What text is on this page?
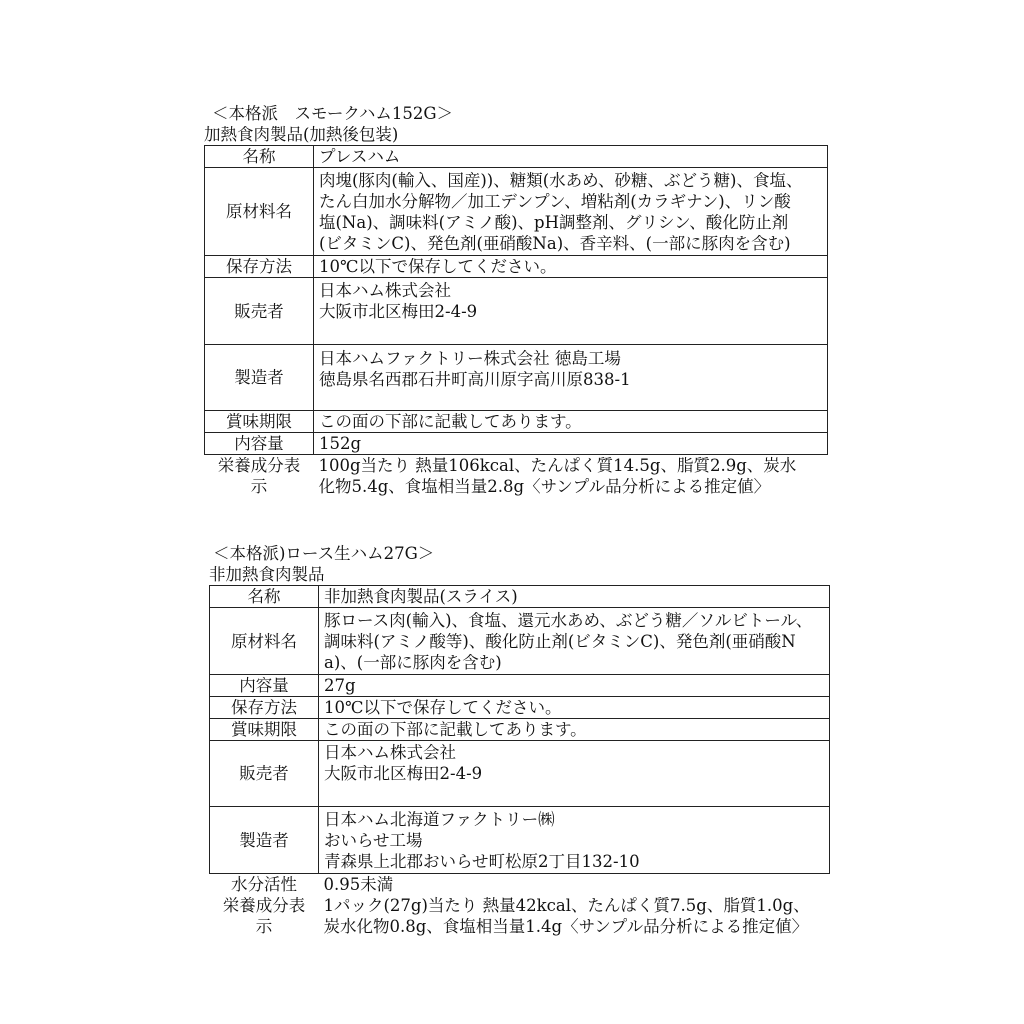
＜本格派　スモークハム152G＞
加熱食肉製品(加熱後包装)
名称	プレスハム

原材料名	肉塊(豚肉(輸入、国産))、糖類(水あめ、砂糖、ぶどう糖)、食塩、
たん白加水分解物／加工デンプン、増粘剤(カラギナン)、リン酸
塩(Na)、調味料(アミノ酸)、pH調整剤、グリシン、酸化防止剤
(ビタミンC)、発色剤(亜硝酸Na)、香辛料、(一部に豚肉を含む)

保存方法	10℃以下で保存してください。

販売者	日本ハム株式会社
大阪市北区梅田2-4-9

製造者	日本ハムファクトリー株式会社 徳島工場
徳島県名西郡石井町高川原字高川原838-1

賞味期限	この面の下部に記載してあります。

内容量	152g

栄養成分表
示	100g当たり 熱量106kcal、たんぱく質14.5g、脂質2.9g、炭水
化物5.4g、食塩相当量2.8g〈サンプル品分析による推定値〉
＜本格派)ロース生ハム27G＞
非加熱食肉製品
名称	非加熱食肉製品(スライス)

原材料名	豚ロース肉(輸入)、食塩、還元水あめ、ぶどう糖／ソルビトール、
調味料(アミノ酸等)、酸化防止剤(ビタミンC)、発色剤(亜硝酸N
a)、(一部に豚肉を含む)

内容量	27g

保存方法	10℃以下で保存してください。

賞味期限	この面の下部に記載してあります。

販売者	日本ハム株式会社
大阪市北区梅田2-4-9

製造者	日本ハム北海道ファクトリー㈱
おいらせ工場
青森県上北郡おいらせ町松原2丁目132-10

水分活性	0.95未満

栄養成分表
示	1パック(27g)当たり 熱量42kcal、たんぱく質7.5g、脂質1.0g、
炭水化物0.8g、食塩相当量1.4g〈サンプル品分析による推定値〉
